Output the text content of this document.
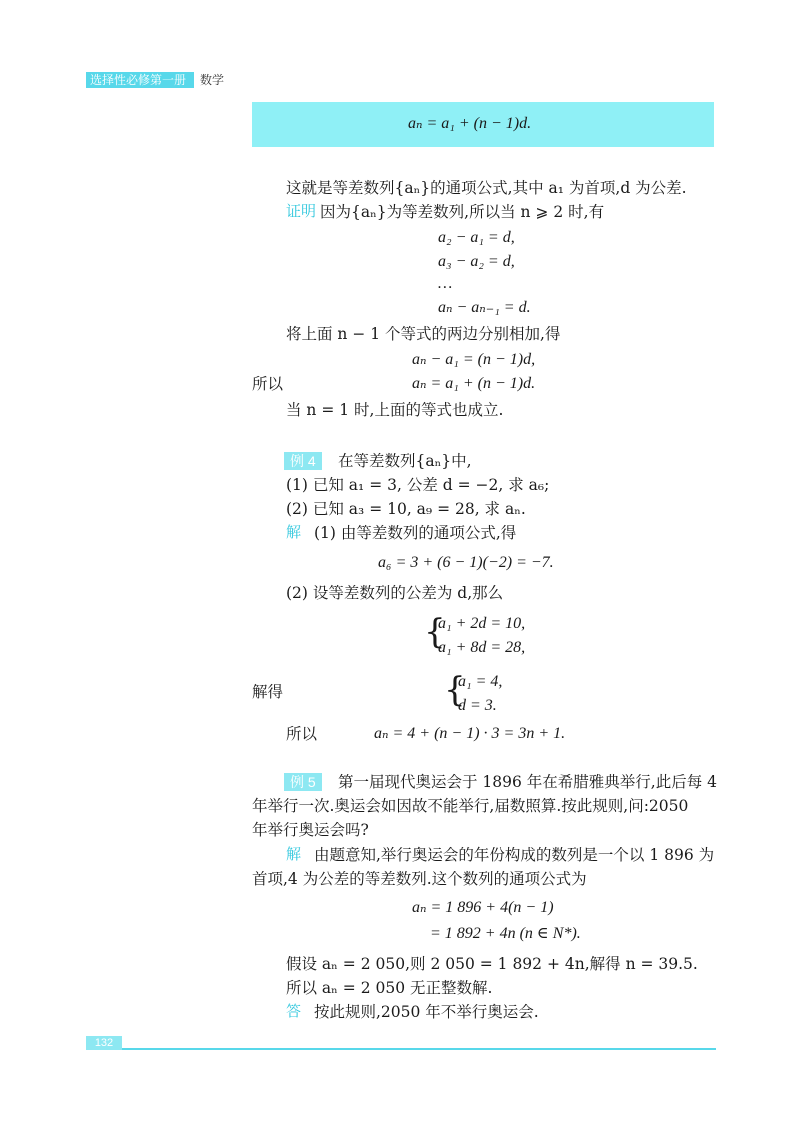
选择性必修第一册 数学
aₙ = a₁ + (n − 1)d.
这就是等差数列{aₙ}的通项公式,其中 a₁ 为首项,d 为公差.
证明 因为{aₙ}为等差数列,所以当 n ⩾ 2 时,有
a₂ − a₁ = d,
a₃ − a₂ = d,
…
aₙ − aₙ₋₁ = d.
将上面 n − 1 个等式的两边分别相加,得
aₙ − a₁ = (n − 1)d,
所以	aₙ = a₁ + (n − 1)d.
当 n = 1 时,上面的等式也成立.
例 4	在等差数列{aₙ}中,
(1) 已知 a₁ = 3, 公差 d = −2, 求 a₆;
(2) 已知 a₃ = 10, a₉ = 28, 求 aₙ.
解 (1) 由等差数列的通项公式,得
a₆ = 3 + (6 − 1)(−2) = −7.
(2) 设等差数列的公差为 d,那么
{
a₁ + 2d = 10,
a₁ + 8d = 28,
解得	{
a₁ = 4,
d = 3.
所以	aₙ = 4 + (n − 1) · 3 = 3n + 1.
例 5	第一届现代奥运会于 1896 年在希腊雅典举行,此后每 4
年举行一次.奥运会如因故不能举行,届数照算.按此规则,问:2050
年举行奥运会吗?
解 由题意知,举行奥运会的年份构成的数列是一个以 1 896 为
首项,4 为公差的等差数列.这个数列的通项公式为
aₙ = 1 896 + 4(n − 1)
= 1 892 + 4n (n ∈ N*).
假设 aₙ = 2 050,则 2 050 = 1 892 + 4n,解得 n = 39.5.
所以 aₙ = 2 050 无正整数解.
答 按此规则,2050 年不举行奥运会.
132
